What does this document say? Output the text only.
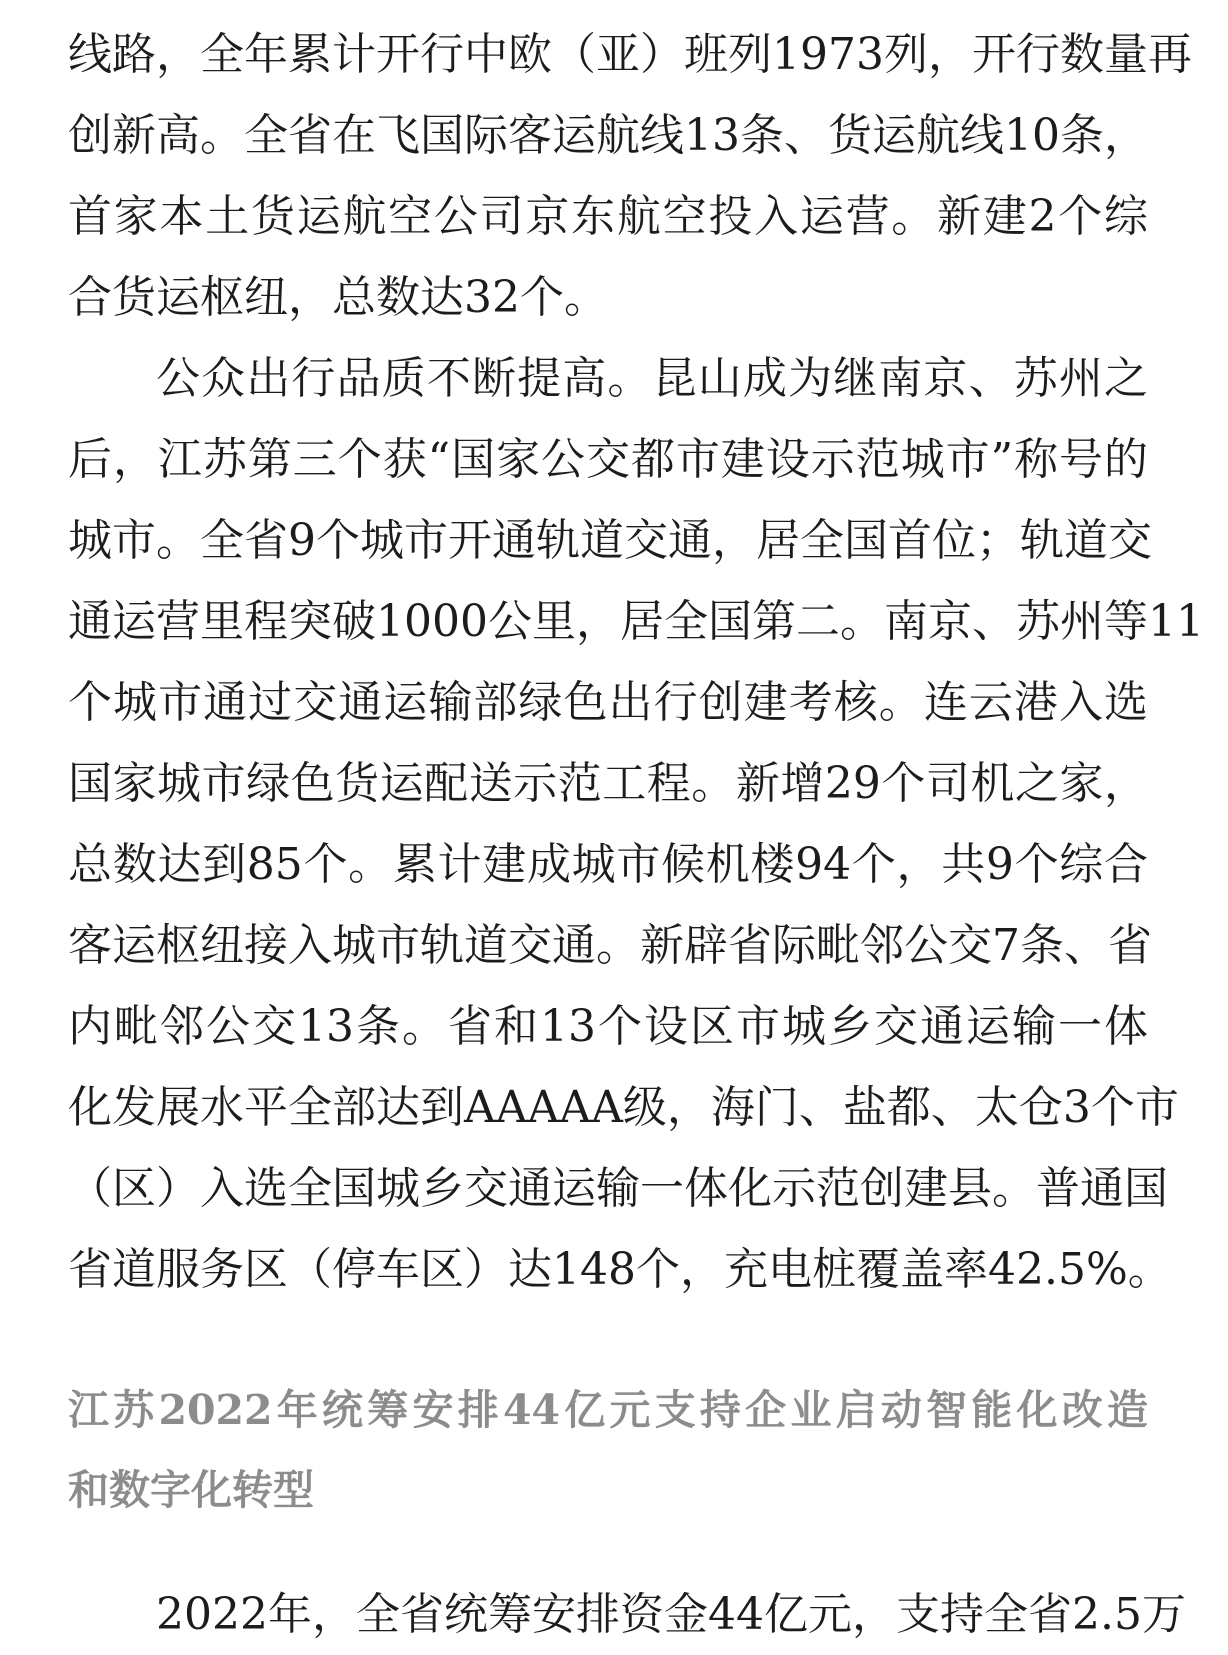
线路，全年累计开行中欧（亚）班列1973列，开行数量再
创新高。全省在飞国际客运航线13条、货运航线10条，
首家本土货运航空公司京东航空投入运营。新建2个综
合货运枢纽，总数达32个。
公众出行品质不断提高。昆山成为继南京、苏州之
后，江苏第三个获“国家公交都市建设示范城市”称号的
城市。全省9个城市开通轨道交通，居全国首位；轨道交
通运营里程突破1000公里，居全国第二。南京、苏州等11
个城市通过交通运输部绿色出行创建考核。连云港入选
国家城市绿色货运配送示范工程。新增29个司机之家，
总数达到85个。累计建成城市候机楼94个，共9个综合
客运枢纽接入城市轨道交通。新辟省际毗邻公交7条、省
内毗邻公交13条。省和13个设区市城乡交通运输一体
化发展水平全部达到AAAAA级，海门、盐都、太仓3个市
（区）入选全国城乡交通运输一体化示范创建县。普通国
省道服务区（停车区）达148个，充电桩覆盖率42.5%。
江苏2022年统筹安排44亿元支持企业启动智能化改造
和数字化转型
2022年，全省统筹安排资金44亿元，支持全省2.5万
